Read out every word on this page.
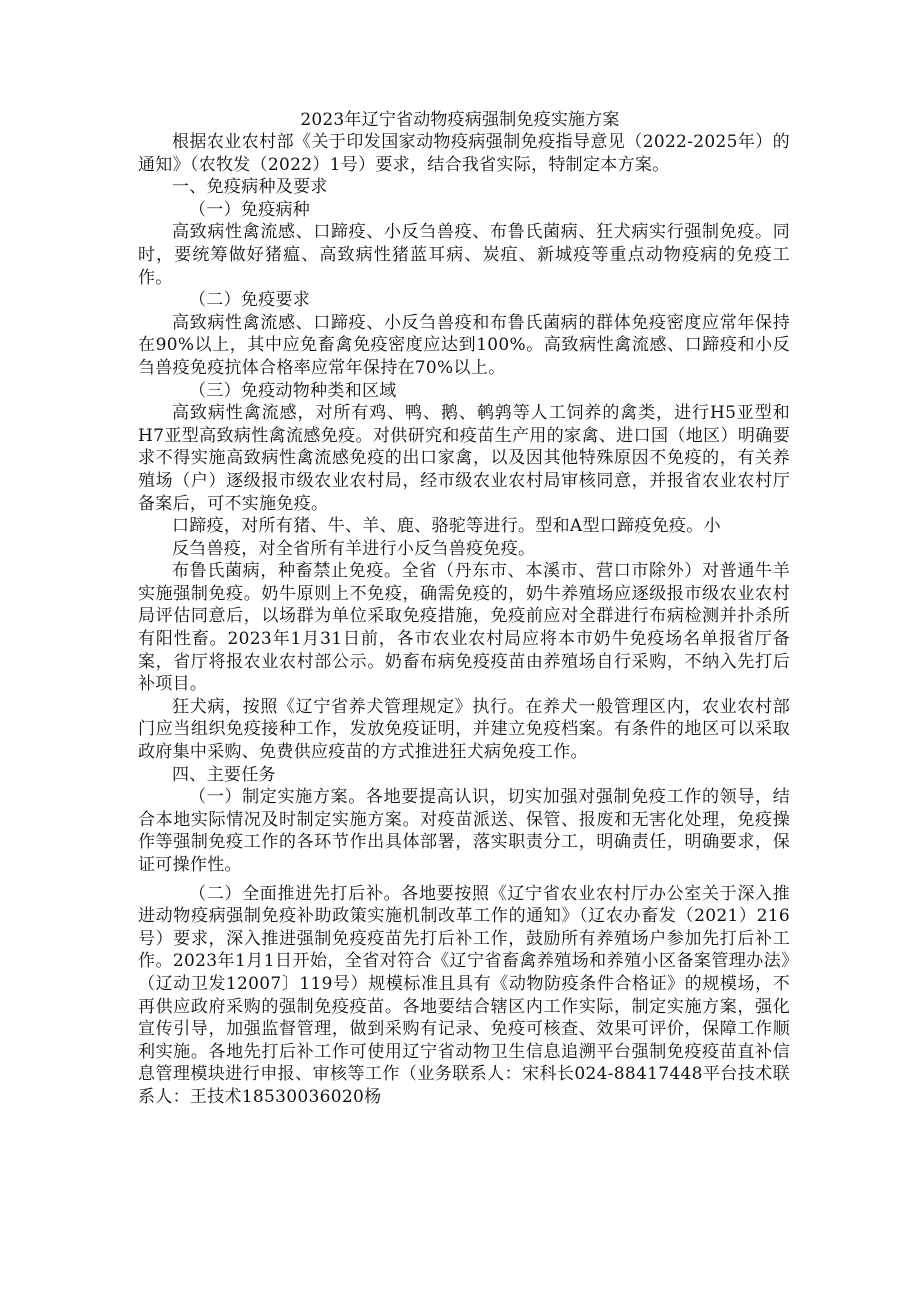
2023年辽宁省动物疫病强制免疫实施方案

根据农业农村部《关于印发国家动物疫病强制免疫指导意见（2022-2025年）的通知》（农牧发（2022）1号）要求，结合我省实际，特制定本方案。

一、免疫病种及要求

（一）免疫病种

高致病性禽流感、口蹄疫、小反刍兽疫、布鲁氏菌病、狂犬病实行强制免疫。同时，要统筹做好猪瘟、高致病性猪蓝耳病、炭疽、新城疫等重点动物疫病的免疫工作。

（二）免疫要求

高致病性禽流感、口蹄疫、小反刍兽疫和布鲁氏菌病的群体免疫密度应常年保持在90%以上，其中应免畜禽免疫密度应达到100%。高致病性禽流感、口蹄疫和小反刍兽疫免疫抗体合格率应常年保持在70%以上。

（三）免疫动物种类和区域

高致病性禽流感，对所有鸡、鸭、鹅、鹌鹑等人工饲养的禽类，进行H5亚型和H7亚型高致病性禽流感免疫。对供研究和疫苗生产用的家禽、进口国（地区）明确要求不得实施高致病性禽流感免疫的出口家禽，以及因其他特殊原因不免疫的，有关养殖场（户）逐级报市级农业农村局，经市级农业农村局审核同意，并报省农业农村厅备案后，可不实施免疫。

口蹄疫，对所有猪、牛、羊、鹿、骆驼等进行。型和A型口蹄疫免疫。小

反刍兽疫，对全省所有羊进行小反刍兽疫免疫。

布鲁氏菌病，种畜禁止免疫。全省（丹东市、本溪市、营口市除外）对普通牛羊实施强制免疫。奶牛原则上不免疫，确需免疫的，奶牛养殖场应逐级报市级农业农村局评估同意后，以场群为单位采取免疫措施，免疫前应对全群进行布病检测并扑杀所有阳性畜。2023年1月31日前，各市农业农村局应将本市奶牛免疫场名单报省厅备案，省厅将报农业农村部公示。奶畜布病免疫疫苗由养殖场自行采购，不纳入先打后补项目。

狂犬病，按照《辽宁省养犬管理规定》执行。在养犬一般管理区内，农业农村部门应当组织免疫接种工作，发放免疫证明，并建立免疫档案。有条件的地区可以采取政府集中采购、免费供应疫苗的方式推进狂犬病免疫工作。

四、主要任务

（一）制定实施方案。各地要提高认识，切实加强对强制免疫工作的领导，结合本地实际情况及时制定实施方案。对疫苗派送、保管、报废和无害化处理，免疫操作等强制免疫工作的各环节作出具体部署，落实职责分工，明确责任，明确要求，保证可操作性。

（二）全面推进先打后补。各地要按照《辽宁省农业农村厅办公室关于深入推进动物疫病强制免疫补助政策实施机制改革工作的通知》（辽农办畜发（2021）216号）要求，深入推进强制免疫疫苗先打后补工作，鼓励所有养殖场户参加先打后补工作。2023年1月1日开始，全省对符合《辽宁省畜禽养殖场和养殖小区备案管理办法》（辽动卫发12007〕119号）规模标准且具有《动物防疫条件合格证》的规模场，不再供应政府采购的强制免疫疫苗。各地要结合辖区内工作实际，制定实施方案，强化宣传引导，加强监督管理，做到采购有记录、免疫可核查、效果可评价，保障工作顺利实施。各地先打后补工作可使用辽宁省动物卫生信息追溯平台强制免疫疫苗直补信息管理模块进行申报、审核等工作（业务联系人：宋科长024-88417448平台技术联系人：王技术18530036020杨
